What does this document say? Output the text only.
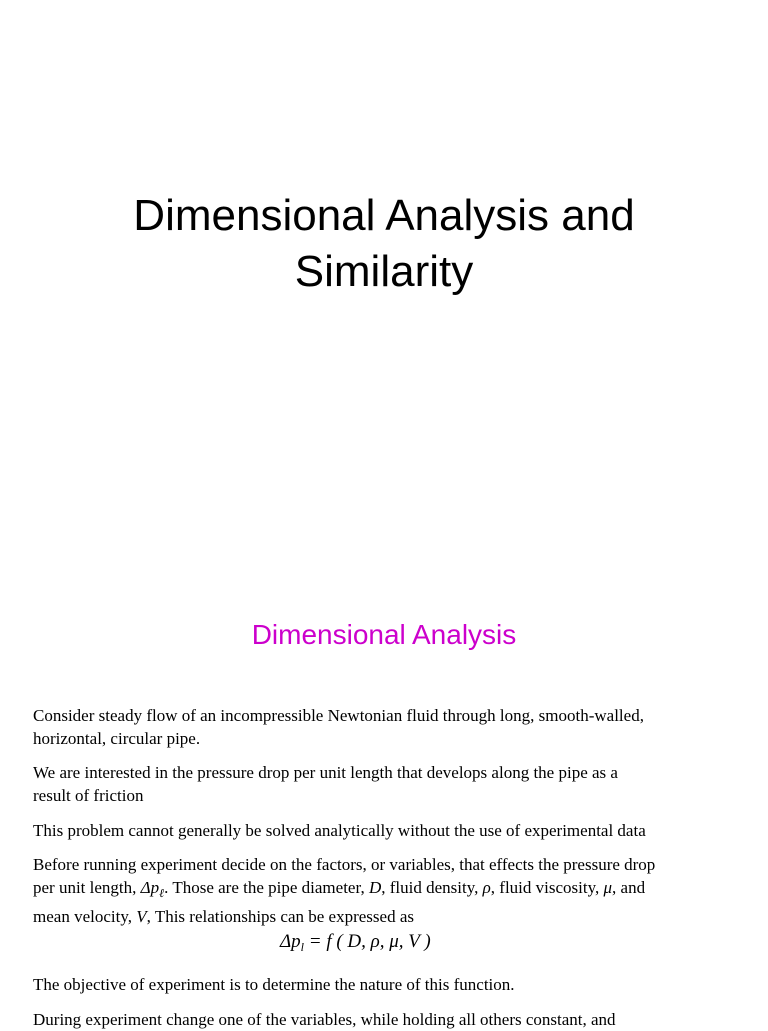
Dimensional Analysis and
Similarity
Dimensional Analysis

Consider steady flow of an incompressible Newtonian fluid through long, smooth-walled,
horizontal, circular pipe.

We are interested in the pressure drop per unit length that develops along the pipe as a
result of friction

This problem cannot generally be solved analytically without the use of experimental data

Before running experiment decide on the factors, or variables, that effects the pressure drop
per unit length, $\Delta p_\ell$. Those are the pipe diameter, D, fluid density, ρ, fluid viscosity, μ, and
mean velocity, V, This relationships can be expressed as

$\Delta p_l = f$ ( D, ρ, μ, V )

The objective of experiment is to determine the nature of this function.

During experiment change one of the variables, while holding all others constant, and
